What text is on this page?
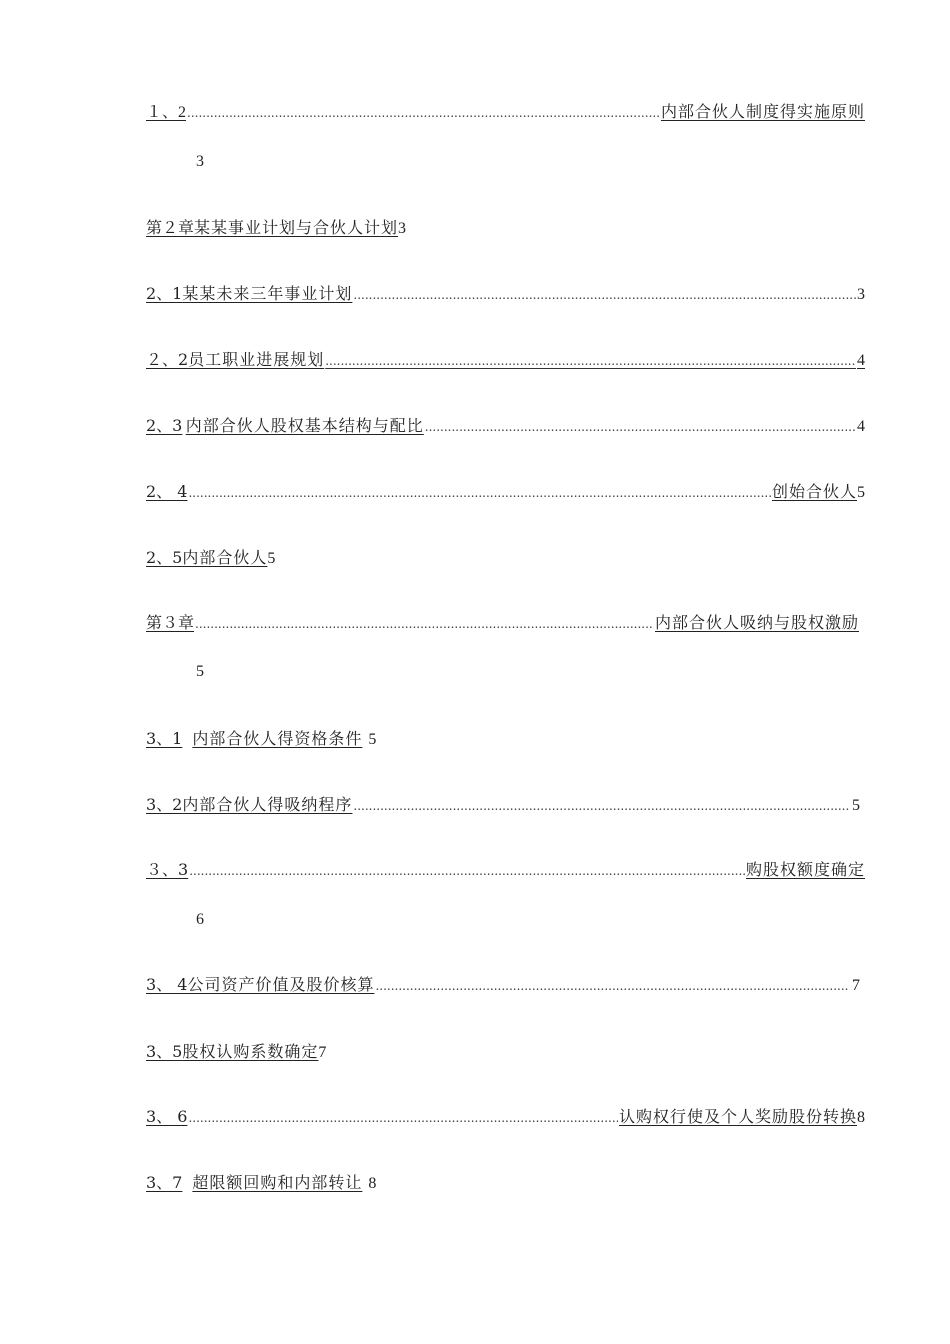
１、2 .....	内部合伙人制度得实施原则
3
第２章 某某事业计划与合伙人计划 3
2、1 某某未来三年事业计划 .....	3
２、2 员工职业进展规划 .....	4
2、3 内部合伙人股权基本结构与配比 .....	4
2、 4 .....	创始合伙人 5
2、5 内部合伙人 5
第３章 .....	内部合伙人吸纳与股权激励
5
3、1 内部合伙人得资格条件 5
3、2 内部合伙人得吸纳程序 .....	5
３、3 .....	购股权额度确定
6
3、 4 公司资产价值及股价核算 .....	7
3、5 股权认购系数确定 7
3、 6 .....	认购权行使及个人奖励股份转换 8
3、7 超限额回购和内部转让 8
